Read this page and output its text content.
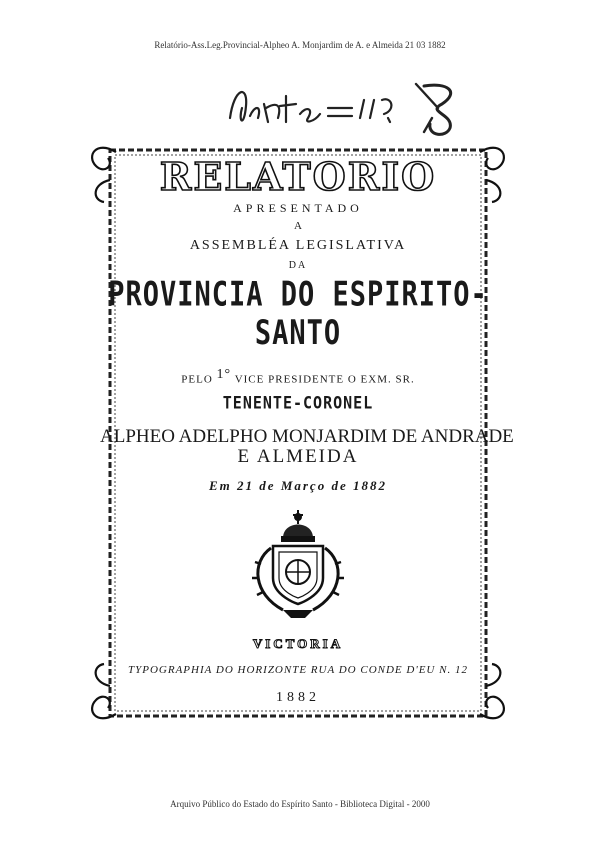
Relatório-Ass.Leg.Provincial-Alpheo A. Monjardim de A. e Almeida 21 03 1882
RELATORIO
APRESENTADO
A
ASSEMBLÉA LEGISLATIVA
DA
PROVINCIA DO ESPIRITO-SANTO
PELO $^{1^\circ}$ VICE PRESIDENTE O EXM. SR.
TENENTE-CORONEL
ALPHEO ADELPHO MONJARDIM DE ANDRADE
E ALMEIDA
Em 21 de Março de 1882
VICTORIA
TYPOGRAPHIA DO HORIZONTE RUA DO CONDE D'EU N. 12
1882
Arquivo Público do Estado do Espírito Santo - Biblioteca Digital - 2000
